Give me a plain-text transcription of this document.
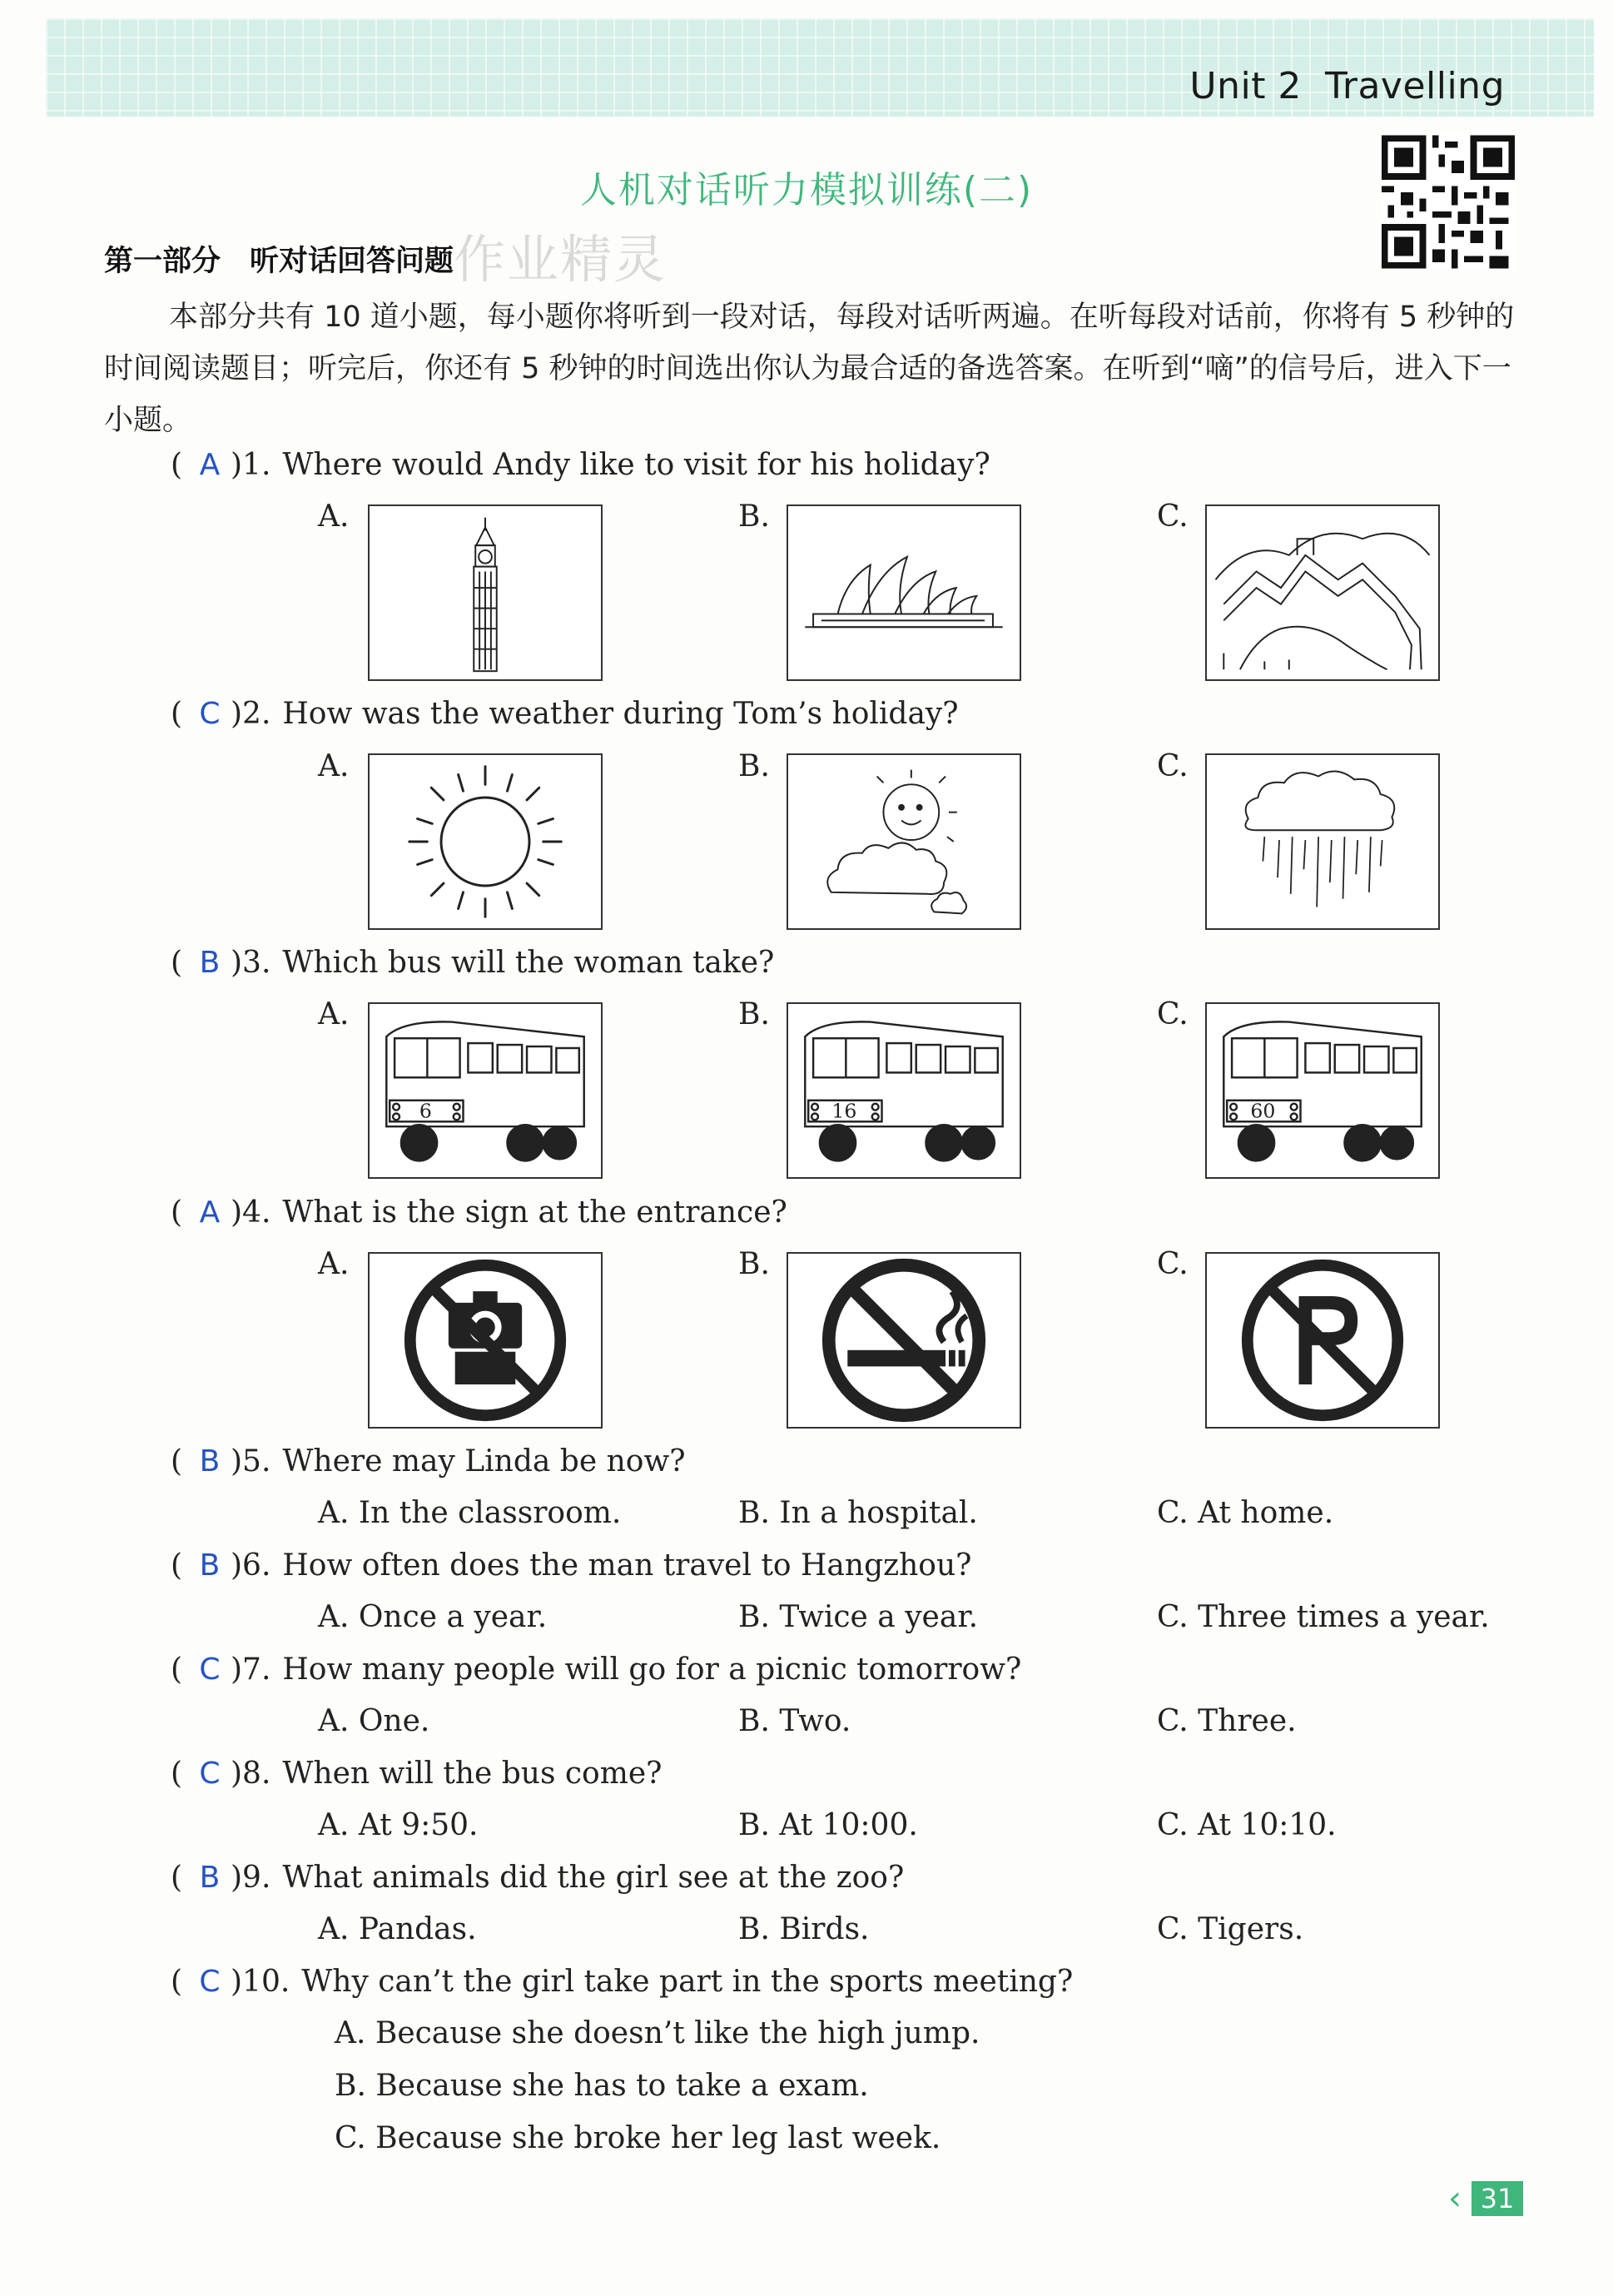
Unit 2 Travelling
人机对话听力模拟训练(二)
作业精灵
第一部分　听对话回答问题
本部分共有 10 道小题，每小题你将听到一段对话，每段对话听两遍。在听每段对话前，你将有 5 秒钟的时间阅读题目；听完后，你还有 5 秒钟的时间选出你认为最合适的备选答案。在听到“嘀”的信号后，进入下一小题。
( A )1. Where would Andy like to visit for his holiday?
A.	B.	C.
( C )2. How was the weather during Tom’s holiday?
A.	B.	C.
( B )3. Which bus will the woman take?
A.	B.	C.
6	16	60
( A )4. What is the sign at the entrance?
A.	B.	C.
( B )5. Where may Linda be now?
A. In the classroom.	B. In a hospital.	C. At home.
( B )6. How often does the man travel to Hangzhou?
A. Once a year.	B. Twice a year.	C. Three times a year.
( C )7. How many people will go for a picnic tomorrow?
A. One.	B. Two.	C. Three.
( C )8. When will the bus come?
A. At 9:50.	B. At 10:00.	C. At 10:10.
( B )9. What animals did the girl see at the zoo?
A. Pandas.	B. Birds.	C. Tigers.
( C )10. Why can’t the girl take part in the sports meeting?
A. Because she doesn’t like the high jump.
B. Because she has to take a exam.
C. Because she broke her leg last week.
‹ 31
